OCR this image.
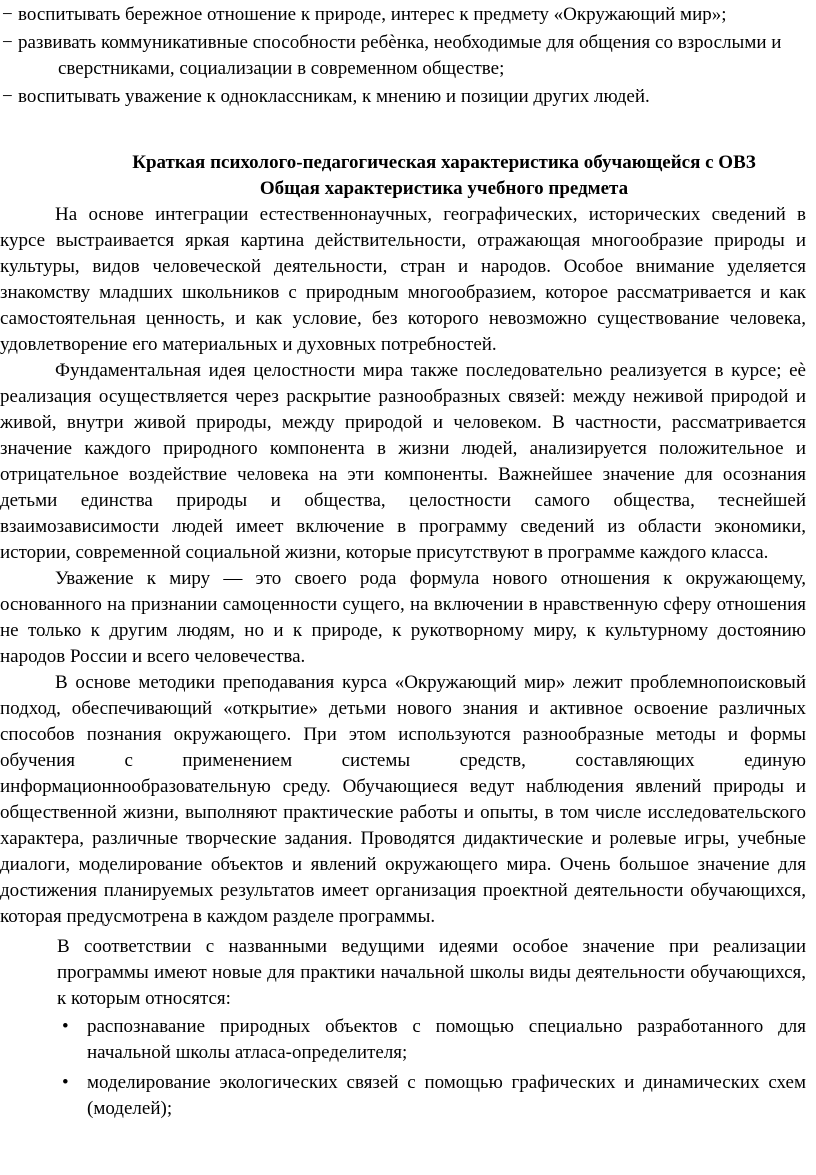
− воспитывать бережное отношение к природе, интерес к предмету «Окружающий мир»;
− развивать коммуникативные способности ребѐнка, необходимые для общения со взрослыми и сверстниками, социализации в современном обществе;
− воспитывать уважение к одноклассникам, к мнению и позиции других людей.

Краткая психолого-педагогическая характеристика обучающейся с ОВЗ

Общая характеристика учебного предмета

На основе интеграции естественнонаучных, географических, исторических сведений в курсе выстраивается яркая картина действительности, отражающая многообразие природы и культуры, видов человеческой деятельности, стран и народов. Особое внимание уделяется знакомству младших школьников с природным многообразием, которое рассматривается и как самостоятельная ценность, и как условие, без которого невозможно существование человека, удовлетворение его материальных и духовных потребностей.

Фундаментальная идея целостности мира также последовательно реализуется в курсе; еѐ реализация осуществляется через раскрытие разнообразных связей: между неживой природой и живой, внутри живой природы, между природой и человеком. В частности, рассматривается значение каждого природного компонента в жизни людей, анализируется положительное и отрицательное воздействие человека на эти компоненты. Важнейшее значение для осознания детьми единства природы и общества, целостности самого общества, теснейшей взаимозависимости людей имеет включение в программу сведений из области экономики, истории, современной социальной жизни, которые присутствуют в программе каждого класса.

Уважение к миру — это своего рода формула нового отношения к окружающему, основанного на признании самоценности сущего, на включении в нравственную сферу отношения не только к другим людям, но и к природе, к рукотворному миру, к культурному достоянию народов России и всего человечества.

В основе методики преподавания курса «Окружающий мир» лежит проблемнопоисковый подход, обеспечивающий «открытие» детьми нового знания и активное освоение различных способов познания окружающего. При этом используются разнообразные методы и формы обучения с применением системы средств, составляющих единую информационнообразовательную среду. Обучающиеся ведут наблюдения явлений природы и общественной жизни, выполняют практические работы и опыты, в том числе исследовательского характера, различные творческие задания. Проводятся дидактические и ролевые игры, учебные диалоги, моделирование объектов и явлений окружающего мира. Очень большое значение для достижения планируемых результатов имеет организация проектной деятельности обучающихся, которая предусмотрена в каждом разделе программы.

В соответствии с названными ведущими идеями особое значение при реализации программы имеют новые для практики начальной школы виды деятельности обучающихся, к которым относятся:

• распознавание природных объектов с помощью специально разработанного для начальной школы атласа-определителя;
• моделирование экологических связей с помощью графических и динамических схем (моделей);
